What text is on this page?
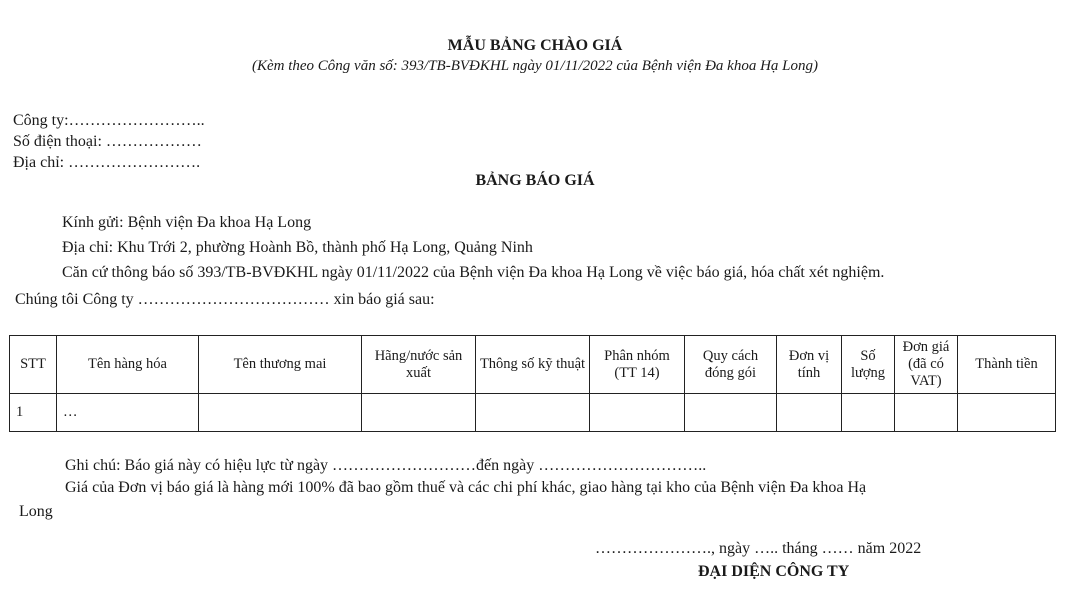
MẪU BẢNG CHÀO GIÁ
(Kèm theo Công văn số: 393/TB-BVĐKHL ngày 01/11/2022 của Bệnh viện Đa khoa Hạ Long)
Công ty:……………………..
Số điện thoại: ………………
Địa chỉ: …………………….
BẢNG BÁO GIÁ
Kính gửi: Bệnh viện Đa khoa Hạ Long
Địa chỉ: Khu Trới 2, phường Hoành Bồ, thành phố Hạ Long, Quảng Ninh
Căn cứ thông báo số 393/TB-BVĐKHL ngày 01/11/2022 của Bệnh viện Đa khoa Hạ Long về việc báo giá, hóa chất xét nghiệm.
Chúng tôi Công ty ……………………………… xin báo giá sau:
STT	Tên hàng hóa	Tên thương mai	Hãng/nước sản xuất	Thông số kỹ thuật	Phân nhóm (TT 14)	Quy cách đóng gói	Đơn vị tính	Số lượng	Đơn giá (đã có VAT)	Thành tiền
1	…									
Ghi chú: Báo giá này có hiệu lực từ ngày ………………………đến ngày …………………………..
Giá của Đơn vị báo giá là hàng mới 100% đã bao gồm thuế và các chi phí khác, giao hàng tại kho của Bệnh viện Đa khoa Hạ
Long
…………………., ngày ….. tháng …… năm 2022
ĐẠI DIỆN CÔNG TY
